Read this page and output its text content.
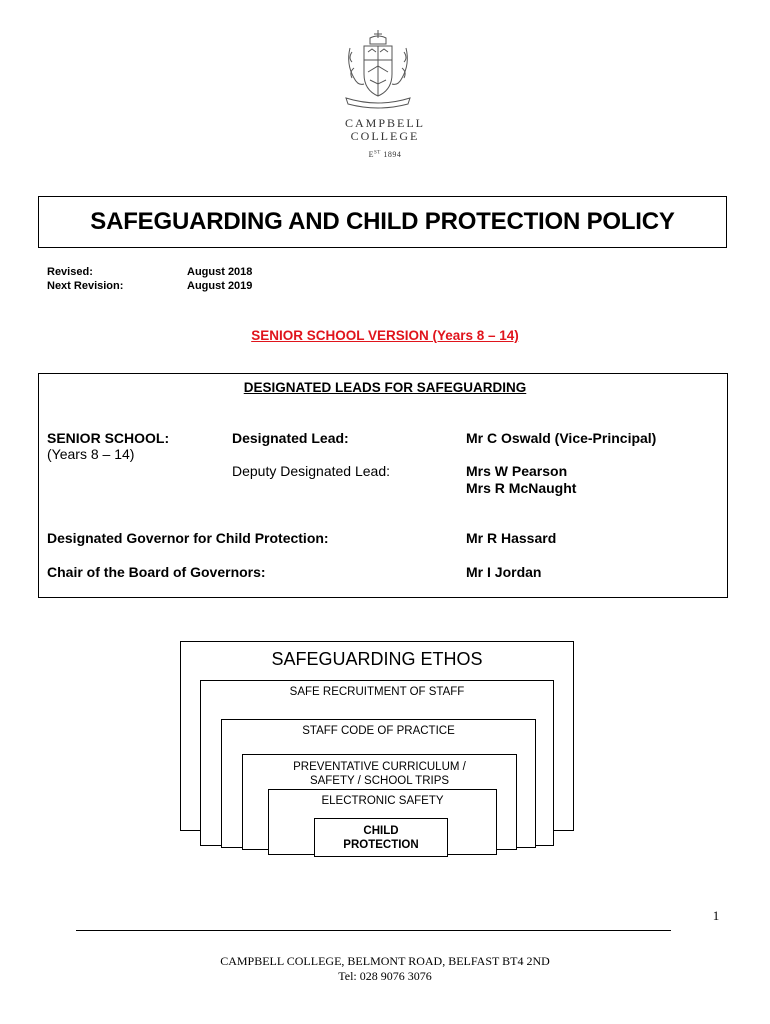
CAMPBELL
COLLEGE
$E^{ST}$ 1894
SAFEGUARDING AND CHILD PROTECTION POLICY
Revised:	August 2018
Next Revision:	August 2019
SENIOR SCHOOL VERSION (Years 8 – 14)
DESIGNATED LEADS FOR SAFEGUARDING
SENIOR SCHOOL:
(Years 8 – 14)
Designated Lead:	Mr C Oswald (Vice-Principal)
Deputy Designated Lead:	Mrs W Pearson
Mrs R McNaught
Designated Governor for Child Protection:	Mr R Hassard
Chair of the Board of Governors:	Mr I Jordan
SAFEGUARDING ETHOS
SAFE RECRUITMENT OF STAFF
STAFF CODE OF PRACTICE
PREVENTATIVE CURRICULUM /
SAFETY / SCHOOL TRIPS
ELECTRONIC SAFETY
CHILD
PROTECTION
1
CAMPBELL COLLEGE, BELMONT ROAD, BELFAST BT4 2ND
Tel: 028 9076 3076
